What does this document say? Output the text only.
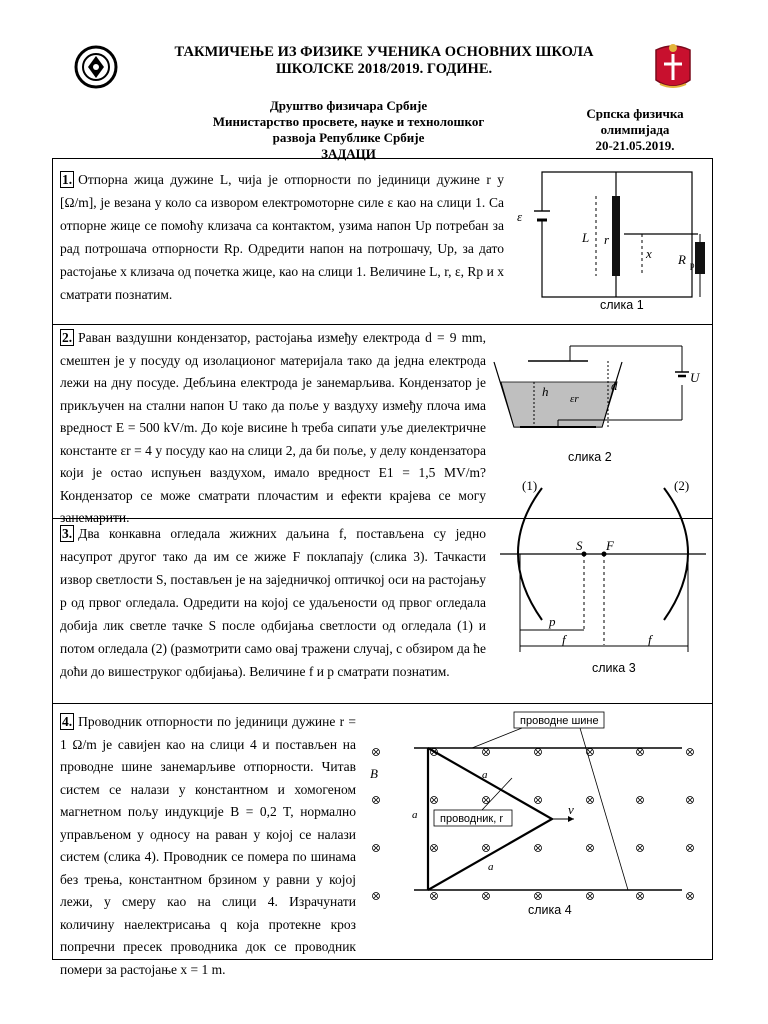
ТАКМИЧЕЊЕ ИЗ ФИЗИКЕ УЧЕНИКА ОСНОВНИХ ШКОЛА
ШКОЛСКЕ 2018/2019. ГОДИНЕ.
Друштво физичара Србије
Министарство просвете, науке и технолошког
развоја Републике Србије
ЗАДАЦИ
Српска физичка
олимпијада
20-21.05.2019.
1. Отпорна жица дужине L, чија је отпорности по јединици дужине r у [Ω/m], је везана у коло са извором електромоторне силе ε као на слици 1. Са отпорне жице се помоћу клизача са контактом, узима напон Up потребан за рад потрошача отпорности Rp. Одредити напон на потрошачу, Up, за дато растојање x клизача од почетка жице, као на слици 1. Величине L, r, ε, Rp и x сматрати познатим.
ε
L r
x R p
слика 1
2. Раван ваздушни кондензатор, растојања између електрода d = 9 mm, смештен је у посуду од изолационог материјала тако да једна електрода лежи на дну посуде. Дебљина електрода је занемарљива. Кондензатор је прикључен на стални напон U тако да поље у ваздуху између плоча има вредност E = 500 kV/m. До које висине h треба сипати уље диелектричне константе εr = 4 у посуду као на слици 2, да би поље, у делу кондензатора који је остао испуњен ваздухом, имало вредност E1 = 1,5 MV/m? Кондензатор се може сматрати плочастим и ефекти крајева се могу занемарити.
h	d
εr
U
слика 2
3. Два конкавна огледала жижних даљина f, постављена су једно насупрот другог тако да им се жиже F поклапају (слика 3). Тачкасти извор светлости S, постављен је на заједничкој оптичкој оси на растојању p од првог огледала. Одредити на којој се удаљености од првог огледала добија лик светле тачке S после одбијања светлости од огледала (1) и потом огледала (2) (размотрити само овај тражени случај, с обзиром да ће доћи до вишеструког одбијања). Величине f и p сматрати познатим.
(1)	(2)
S F
p
f	f
слика 3
4. Проводник отпорности по јединици дужине r = 1 Ω/m је савијен као на слици 4 и постављен на проводне шине занемарљиве отпорности. Читав систем се налази у константном и хомогеном магнетном пољу индукције B = 0,2 T, нормално управљеном у односу на раван у којој се налази систем (слика 4). Проводник се помера по шинама без трења, константном брзином у равни у којој лежи, у смеру као на слици 4. Израчунати количину наелектрисања q која протекне кроз попречни пресек проводника док се проводник помери за растојање x = 1 m.
проводне шине
проводник, r
a
a
a
B
v
слика 4
